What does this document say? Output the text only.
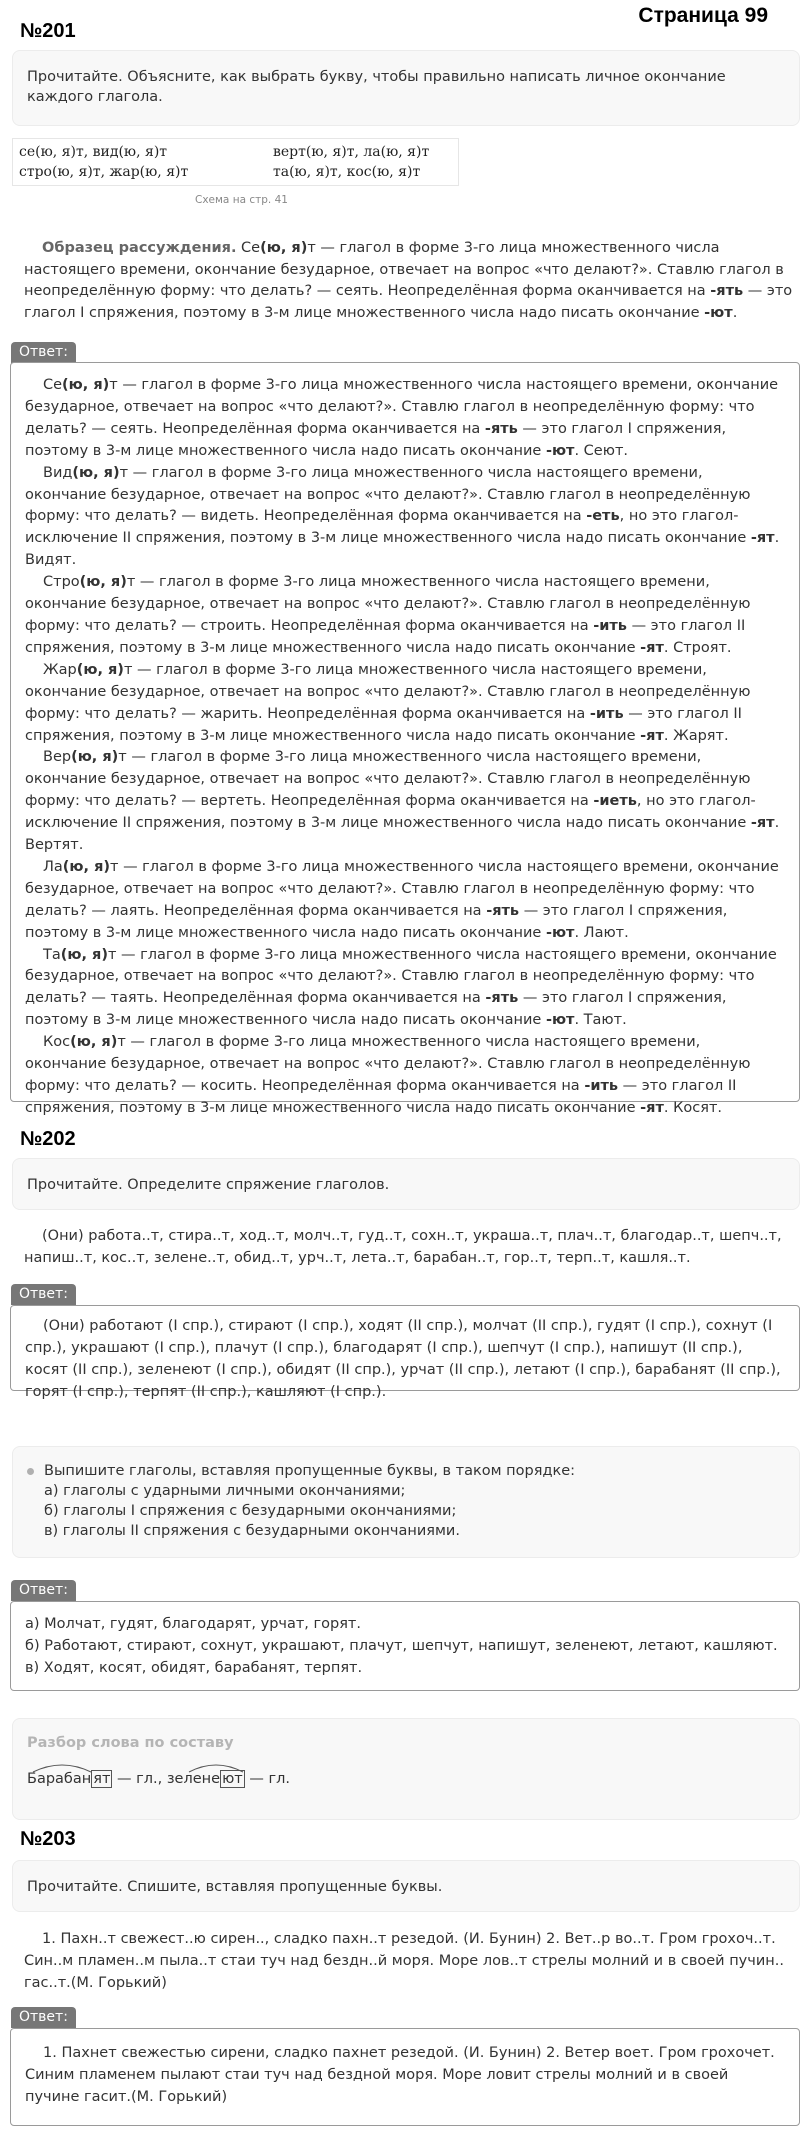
Страница 99
№201
Прочитайте. Объясните, как выбрать букву, чтобы правильно написать личное окончание каждого глагола.
се(ю, я)т, вид(ю, я)т	верт(ю, я)т, ла(ю, я)т
стро(ю, я)т, жар(ю, я)т	та(ю, я)т, кос(ю, я)т
Схема на стр. 41
Образец рассуждения. Се(ю, я)т — глагол в форме 3-го лица множественного числа настоящего времени, окончание безударное, отвечает на вопрос «что делают?». Ставлю глагол в неопределённую форму: что делать? — сеять. Неопределённая форма оканчивается на -ять — это глагол I спряжения, поэтому в 3-м лице множественного числа надо писать окончание -ют.
Ответ:

Се(ю, я)т — глагол в форме 3-го лица множественного числа настоящего времени, окончание безударное, отвечает на вопрос «что делают?». Ставлю глагол в неопределённую форму: что делать? — сеять. Неопределённая форма оканчивается на -ять — это глагол I спряжения, поэтому в 3-м лице множественного числа надо писать окончание -ют. Сеют.

Вид(ю, я)т — глагол в форме 3-го лица множественного числа настоящего времени, окончание безударное, отвечает на вопрос «что делают?». Ставлю глагол в неопределённую форму: что делать? — видеть. Неопределённая форма оканчивается на -еть, но это глагол-исключение II спряжения, поэтому в 3-м лице множественного числа надо писать окончание -ят. Видят.

Стро(ю, я)т — глагол в форме 3-го лица множественного числа настоящего времени, окончание безударное, отвечает на вопрос «что делают?». Ставлю глагол в неопределённую форму: что делать? — строить. Неопределённая форма оканчивается на -ить — это глагол II спряжения, поэтому в 3-м лице множественного числа надо писать окончание -ят. Строят.

Жар(ю, я)т — глагол в форме 3-го лица множественного числа настоящего времени, окончание безударное, отвечает на вопрос «что делают?». Ставлю глагол в неопределённую форму: что делать? — жарить. Неопределённая форма оканчивается на -ить — это глагол II спряжения, поэтому в 3-м лице множественного числа надо писать окончание -ят. Жарят.

Вер(ю, я)т — глагол в форме 3-го лица множественного числа настоящего времени, окончание безударное, отвечает на вопрос «что делают?». Ставлю глагол в неопределённую форму: что делать? — вертеть. Неопределённая форма оканчивается на -иеть, но это глагол-исключение II спряжения, поэтому в 3-м лице множественного числа надо писать окончание -ят. Вертят.

Ла(ю, я)т — глагол в форме 3-го лица множественного числа настоящего времени, окончание безударное, отвечает на вопрос «что делают?». Ставлю глагол в неопределённую форму: что делать? — лаять. Неопределённая форма оканчивается на -ять — это глагол I спряжения, поэтому в 3-м лице множественного числа надо писать окончание -ют. Лают.

Та(ю, я)т — глагол в форме 3-го лица множественного числа настоящего времени, окончание безударное, отвечает на вопрос «что делают?». Ставлю глагол в неопределённую форму: что делать? — таять. Неопределённая форма оканчивается на -ять — это глагол I спряжения, поэтому в 3-м лице множественного числа надо писать окончание -ют. Тают.

Кос(ю, я)т — глагол в форме 3-го лица множественного числа настоящего времени, окончание безударное, отвечает на вопрос «что делают?». Ставлю глагол в неопределённую форму: что делать? — косить. Неопределённая форма оканчивается на -ить — это глагол II спряжения, поэтому в 3-м лице множественного числа надо писать окончание -ят. Косят.

№202
Прочитайте. Определите спряжение глаголов.
(Они) работа..т, стира..т, ход..т, молч..т, гуд..т, сохн..т, украша..т, плач..т, благодар..т, шепч..т, напиш..т, кос..т, зелене..т, обид..т, урч..т, лета..т, барабан..т, гор..т, терп..т, кашля..т.
Ответ:

(Они) работают (I спр.), стирают (I спр.), ходят (II спр.), молчат (II спр.), гудят (I спр.), сохнут (I спр.), украшают (I спр.), плачут (I спр.), благодарят (I спр.), шепчут (I спр.), напишут (II спр.), косят (II спр.), зеленеют (I спр.), обидят (II спр.), урчат (II спр.), летают (I спр.), барабанят (II спр.), горят (I спр.), терпят (II спр.), кашляют (I спр.).

Выпишите глаголы, вставляя пропущенные буквы, в таком порядке:
а) глаголы с ударными личными окончаниями;
б) глаголы I спряжения с безударными окончаниями;
в) глаголы II спряжения с безударными окончаниями.
Ответ:
а) Молчат, гудят, благодарят, урчат, горят.
б) Работают, стирают, сохнут, украшают, плачут, шепчут, напишут, зеленеют, летают, кашляют.
в) Ходят, косят, обидят, барабанят, терпят.
Разбор слова по составу
Барабан ят — гл., зелене ют — гл.
№203
Прочитайте. Спишите, вставляя пропущенные буквы.
1. Пахн..т свежест..ю сирен.., сладко пахн..т резедой. (И. Бунин) 2. Вет..р во..т. Гром грохоч..т. Син..м пламен..м пыла..т стаи туч над бездн..й моря. Море лов..т стрелы молний и в своей пучин.. гас..т.(М. Горький)
Ответ:

1. Пахнет свежестью сирени, сладко пахнет резедой. (И. Бунин) 2. Ветер воет. Гром грохочет. Синим пламенем пылают стаи туч над бездной моря. Море ловит стрелы молний и в своей пучине гасит.(М. Горький)
